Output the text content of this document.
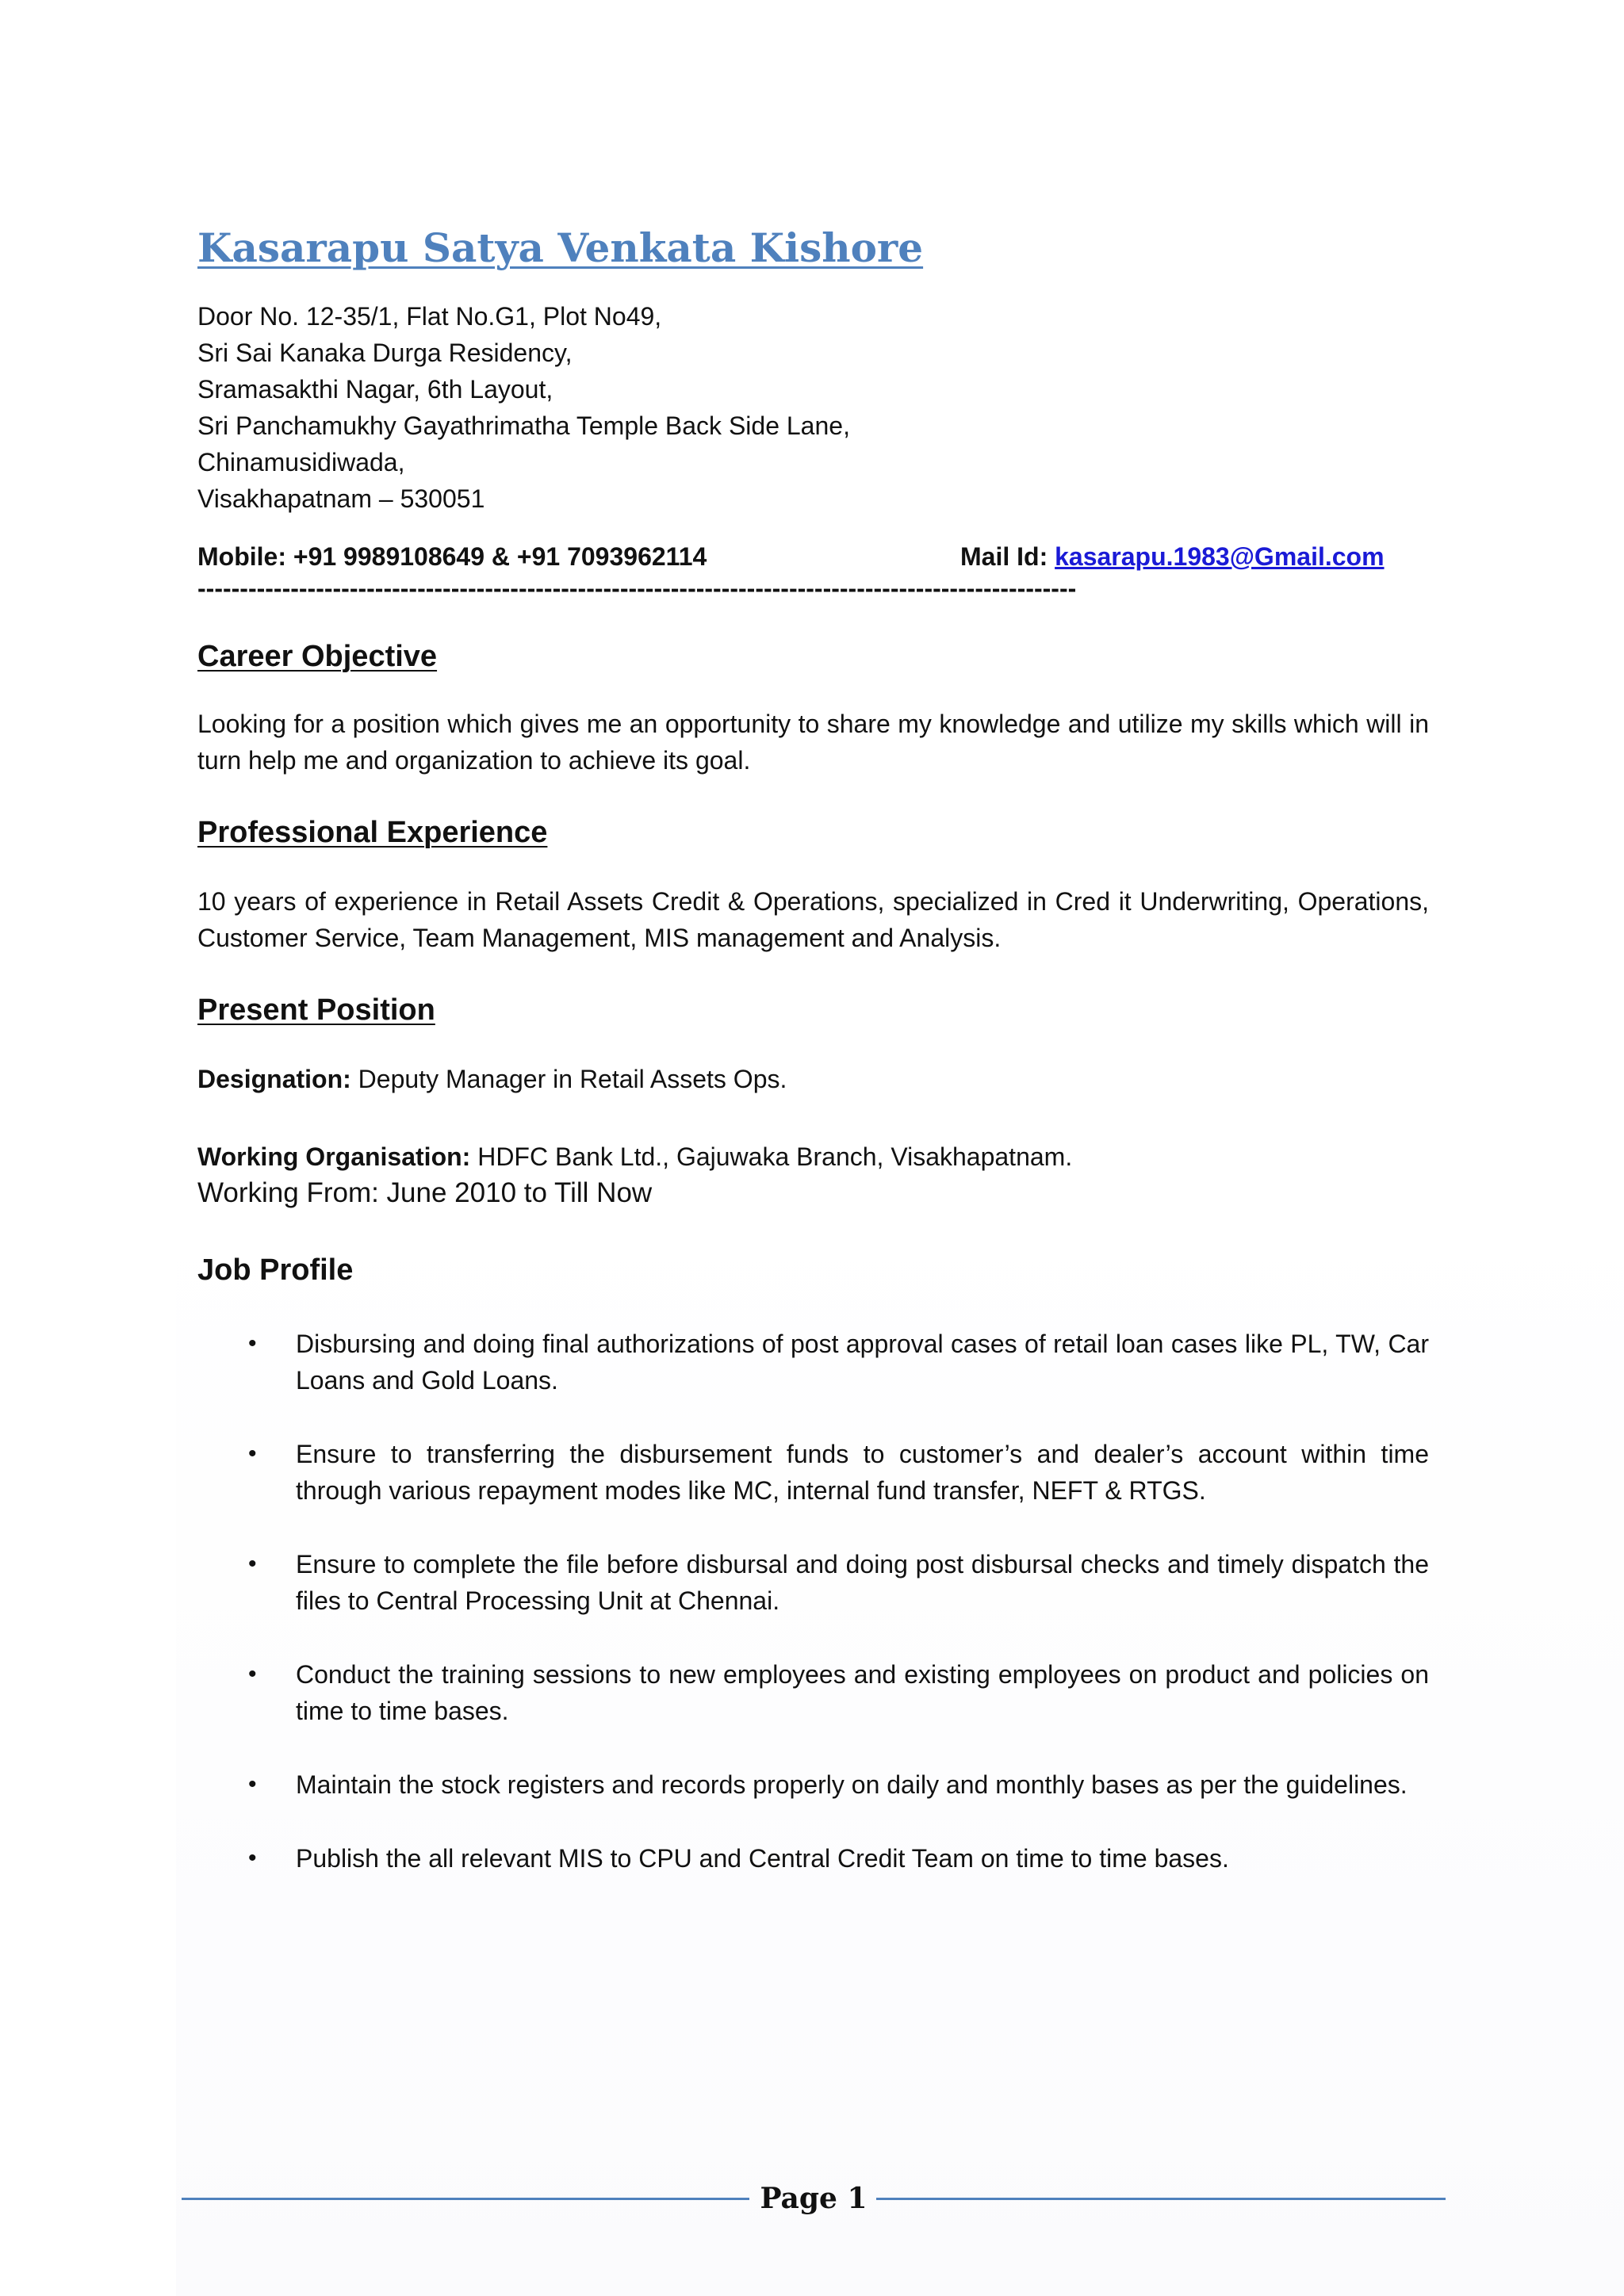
Kasarapu Satya Venkata Kishore
Door No. 12-35/1, Flat No.G1, Plot No49,
Sri Sai Kanaka Durga Residency,
Sramasakthi Nagar, 6th Layout,
Sri Panchamukhy Gayathrimatha Temple Back Side Lane,
Chinamusidiwada,
Visakhapatnam – 530051
Mobile: +91 9989108649 & +91 7093962114	Mail Id: kasarapu.1983@Gmail.com
--------------------------------------------------------------------------------------------------------
Career Objective

Looking for a position which gives me an opportunity to share my knowledge and utilize my skills which will in turn help me and organization to achieve its goal.

Professional Experience

10 years of experience in Retail Assets Credit & Operations, specialized in Cred it Underwriting, Operations, Customer Service, Team Management, MIS management and Analysis.

Present Position
Designation: Deputy Manager in Retail Assets Ops.
Working Organisation: HDFC Bank Ltd., Gajuwaka Branch, Visakhapatnam.
Working From: June 2010 to Till Now
Job Profile
• Disbursing and doing final authorizations of post approval cases of retail loan cases like PL, TW, Car Loans and Gold Loans.
• Ensure to transferring the disbursement funds to customer’s and dealer’s account within time through various repayment modes like MC, internal fund transfer, NEFT & RTGS.
• Ensure to complete the file before disbursal and doing post disbursal checks and timely dispatch the files to Central Processing Unit at Chennai.
• Conduct the training sessions to new employees and existing employees on product and policies on time to time bases.
• Maintain the stock registers and records properly on daily and monthly bases as per the guidelines.
• Publish the all relevant MIS to CPU and Central Credit Team on time to time bases.
Page 1
